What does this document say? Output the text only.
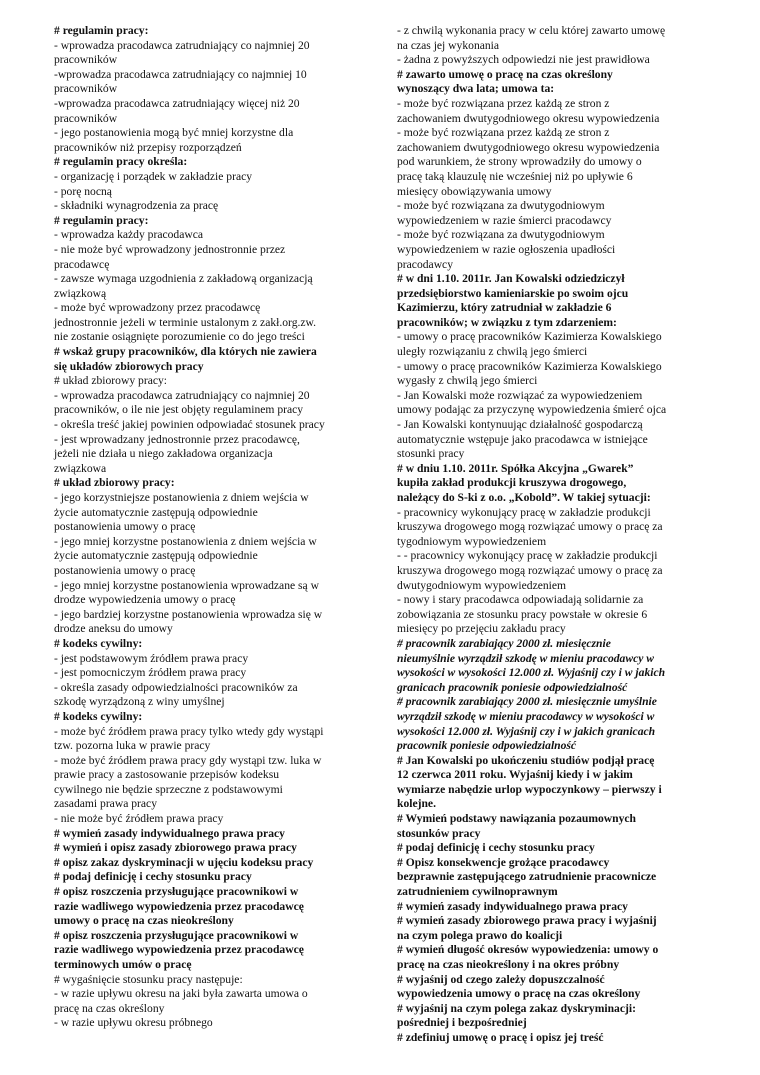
# regulamin pracy:
- wprowadza pracodawca zatrudniający co najmniej 20
pracowników
-wprowadza pracodawca zatrudniający co najmniej 10
pracowników
-wprowadza pracodawca zatrudniający więcej niż 20
pracowników
- jego postanowienia mogą być mniej korzystne dla
pracowników niż przepisy rozporządzeń
# regulamin pracy określa:
- organizację i porządek w zakładzie pracy
- porę nocną
- składniki wynagrodzenia za pracę
# regulamin pracy:
- wprowadza każdy pracodawca
- nie może być wprowadzony jednostronnie przez
pracodawcę
- zawsze wymaga uzgodnienia z zakładową organizacją
związkową
- może być wprowadzony przez pracodawcę
jednostronnie jeżeli w terminie ustalonym z zakł.org.zw.
nie zostanie osiągnięte porozumienie co do jego treści
# wskaż grupy pracowników, dla których nie zawiera
się układów zbiorowych pracy
# układ zbiorowy pracy:
- wprowadza pracodawca zatrudniający co najmniej 20
pracowników, o ile nie jest objęty regulaminem pracy
- określa treść jakiej powinien odpowiadać stosunek pracy
- jest wprowadzany jednostronnie przez pracodawcę,
jeżeli nie działa u niego zakładowa organizacja
związkowa
# układ zbiorowy pracy:
- jego korzystniejsze postanowienia z dniem wejścia w
życie automatycznie zastępują odpowiednie
postanowienia umowy o pracę
- jego mniej korzystne postanowienia z dniem wejścia w
życie automatycznie zastępują odpowiednie
postanowienia umowy o pracę
- jego mniej korzystne postanowienia wprowadzane są w
drodze wypowiedzenia umowy o pracę
- jego bardziej korzystne postanowienia wprowadza się w
drodze aneksu do umowy
# kodeks cywilny:
- jest podstawowym źródłem prawa pracy
- jest pomocniczym źródłem prawa pracy
- określa zasady odpowiedzialności pracowników za
szkodę wyrządzoną z winy umyślnej
# kodeks cywilny:
- może być źródłem prawa pracy tylko wtedy gdy wystąpi
tzw. pozorna luka w prawie pracy
- może być źródłem prawa pracy gdy wystąpi tzw. luka w
prawie pracy a zastosowanie przepisów kodeksu
cywilnego nie będzie sprzeczne z podstawowymi
zasadami prawa pracy
- nie może być źródłem prawa pracy
# wymień zasady indywidualnego prawa pracy
# wymień i opisz zasady zbiorowego prawa pracy
# opisz zakaz dyskryminacji w ujęciu kodeksu pracy
# podaj definicję i cechy stosunku pracy
# opisz roszczenia przysługujące pracownikowi w
razie wadliwego wypowiedzenia przez pracodawcę
umowy o pracę na czas nieokreślony
# opisz roszczenia przysługujące pracownikowi w
razie wadliwego wypowiedzenia przez pracodawcę
terminowych umów o pracę
# wygaśnięcie stosunku pracy następuje:
- w razie upływu okresu na jaki była zawarta umowa o
pracę na czas określony
- w razie upływu okresu próbnego
- z chwilą wykonania pracy w celu której zawarto umowę
na czas jej wykonania
- żadna z powyższych odpowiedzi nie jest prawidłowa
# zawarto umowę o pracę na czas określony
wynoszący dwa lata; umowa ta:
- może być rozwiązana przez każdą ze stron z
zachowaniem dwutygodniowego okresu wypowiedzenia
- może być rozwiązana przez każdą ze stron z
zachowaniem dwutygodniowego okresu wypowiedzenia
pod warunkiem, że strony wprowadziły do umowy o
pracę taką klauzulę nie wcześniej niż po upływie 6
miesięcy obowiązywania umowy
- może być rozwiązana za dwutygodniowym
wypowiedzeniem w razie śmierci pracodawcy
- może być rozwiązana za dwutygodniowym
wypowiedzeniem w razie ogłoszenia upadłości
pracodawcy
# w dni 1.10. 2011r. Jan Kowalski odziedziczył
przedsiębiorstwo kamieniarskie po swoim ojcu
Kazimierzu, który zatrudniał w zakładzie 6
pracowników; w związku z tym zdarzeniem:
- umowy o pracę pracowników Kazimierza Kowalskiego
uległy rozwiązaniu z chwilą jego śmierci
- umowy o pracę pracowników Kazimierza Kowalskiego
wygasły z chwilą jego śmierci
- Jan Kowalski może rozwiązać za wypowiedzeniem
umowy podając za przyczynę wypowiedzenia śmierć ojca
- Jan Kowalski kontynuując działalność gospodarczą
automatycznie wstępuje jako pracodawca w istniejące
stosunki pracy
# w dniu 1.10. 2011r. Spółka Akcyjna „Gwarek”
kupiła zakład produkcji kruszywa drogowego,
należący do S-ki z o.o. „Kobold”. W takiej sytuacji:
- pracownicy wykonujący pracę w zakładzie produkcji
kruszywa drogowego mogą rozwiązać umowy o pracę za
tygodniowym wypowiedzeniem
- - pracownicy wykonujący pracę w zakładzie produkcji
kruszywa drogowego mogą rozwiązać umowy o pracę za
dwutygodniowym wypowiedzeniem
- nowy i stary pracodawca odpowiadają solidarnie za
zobowiązania ze stosunku pracy powstałe w okresie 6
miesięcy po przejęciu zakładu pracy
# pracownik zarabiający 2000 zł. miesięcznie
nieumyślnie wyrządził szkodę w mieniu pracodawcy w
wysokości w wysokości 12.000 zł. Wyjaśnij czy i w jakich
granicach pracownik poniesie odpowiedzialność
# pracownik zarabiający 2000 zł. miesięcznie umyślnie
wyrządził szkodę w mieniu pracodawcy w wysokości w
wysokości 12.000 zł. Wyjaśnij czy i w jakich granicach
pracownik poniesie odpowiedzialność
# Jan Kowalski po ukończeniu studiów podjął pracę
12 czerwca 2011 roku. Wyjaśnij kiedy i w jakim
wymiarze nabędzie urlop wypoczynkowy – pierwszy i
kolejne.
# Wymień podstawy nawiązania pozaumownych
stosunków pracy
# podaj definicję i cechy stosunku pracy
# Opisz konsekwencje grożące pracodawcy
bezprawnie zastępującego zatrudnienie pracownicze
zatrudnieniem cywilnoprawnym
# wymień zasady indywidualnego prawa pracy
# wymień zasady zbiorowego prawa pracy i wyjaśnij
na czym polega prawo do koalicji
# wymień długość okresów wypowiedzenia: umowy o
pracę na czas nieokreślony i na okres próbny
# wyjaśnij od czego zależy dopuszczalność
wypowiedzenia umowy o pracę na czas określony
# wyjaśnij na czym polega zakaz dyskryminacji:
pośredniej i bezpośredniej
# zdefiniuj umowę o pracę i opisz jej treść
